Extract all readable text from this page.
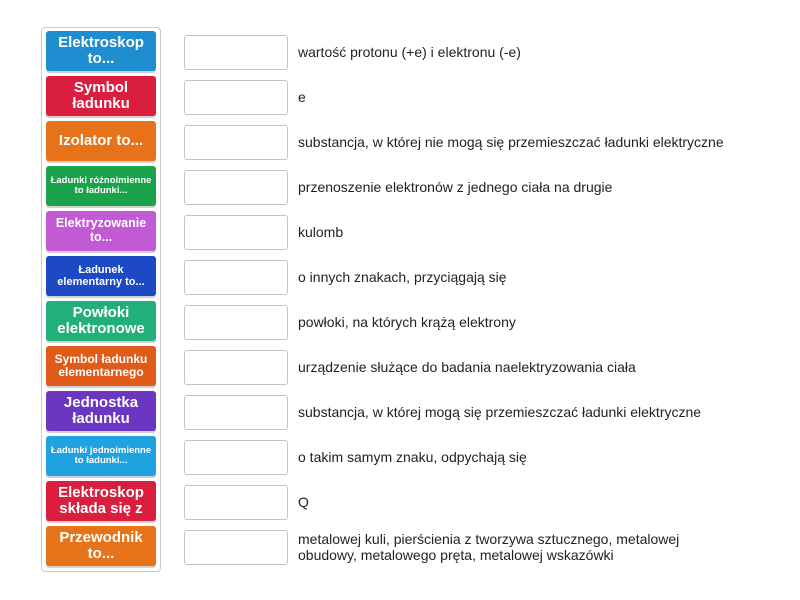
Elektroskop to...
Symbol ładunku
Izolator to...
Ładunki różnoimienne to ładunki...
Elektryzowanie to...
Ładunek elementarny to...
Powłoki elektronowe
Symbol ładunku elementarnego
Jednostka ładunku
Ładunki jednoimienne to ładunki...
Elektroskop składa się z
Przewodnik to...
wartość protonu (+e) i elektronu (-e)
e
substancja, w której nie mogą się przemieszczać ładunki elektryczne
przenoszenie elektronów z jednego ciała na drugie
kulomb
o innych znakach, przyciągają się
powłoki, na których krążą elektrony
urządzenie służące do badania naelektryzowania ciała
substancja, w której mogą się przemieszczać ładunki elektryczne
o takim samym znaku, odpychają się
Q
metalowej kuli, pierścienia z tworzywa sztucznego, metalowej obudowy, metalowego pręta, metalowej wskazówki
